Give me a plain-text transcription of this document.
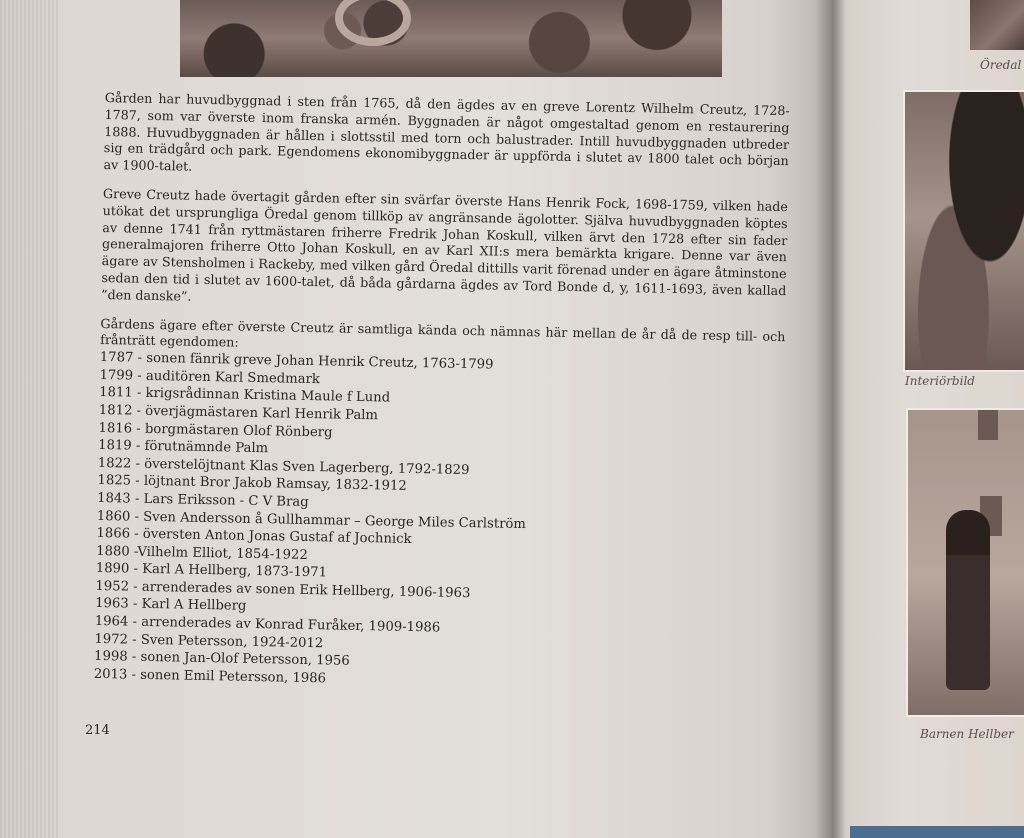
Gården har huvudbyggnad i sten från 1765, då den ägdes av en greve Lorentz Wilhelm Creutz, 1728-1787, som var överste inom franska armén. Byggnaden är något omgestaltad genom en restaurering 1888. Huvudbyggnaden är hållen i slottsstil med torn och balustrader. Intill huvudbyggnaden utbreder sig en trädgård och park. Egendomens ekonomibyggnader är uppförda i slutet av 1800 talet och början av 1900-talet.

Greve Creutz hade övertagit gården efter sin svärfar överste Hans Henrik Fock, 1698-1759, vilken hade utökat det ursprungliga Öredal genom tillköp av angränsande ägolotter. Själva huvudbyggnaden köptes av denne 1741 från ryttmästaren friherre Fredrik Johan Koskull, vilken ärvt den 1728 efter sin fader generalmajoren friherre Otto Johan Koskull, en av Karl XII:s mera bemärkta krigare. Denne var även ägare av Stensholmen i Rackeby, med vilken gård Öredal dittills varit förenad under en ägare åtminstone sedan den tid i slutet av 1600-talet, då båda gårdarna ägdes av Tord Bonde d, y, 1611-1693, även kallad ”den danske”.

Gårdens ägare efter överste Creutz är samtliga kända och nämnas här mellan de år då de resp till- och frånträtt egendomen:

1787 - sonen fänrik greve Johan Henrik Creutz, 1763-1799
1799 - auditören Karl Smedmark
1811 - krigsrådinnan Kristina Maule f Lund
1812 - överjägmästaren Karl Henrik Palm
1816 - borgmästaren Olof Rönberg
1819 - förutnämnde Palm
1822 - överstelöjtnant Klas Sven Lagerberg, 1792-1829
1825 - löjtnant Bror Jakob Ramsay, 1832-1912
1843 - Lars Eriksson - C V Brag
1860 - Sven Andersson å Gullhammar – George Miles Carlström
1866 - översten Anton Jonas Gustaf af Jochnick
1880 -Vilhelm Elliot, 1854-1922
1890 - Karl A Hellberg, 1873-1971
1952 - arrenderades av sonen Erik Hellberg, 1906-1963
1963 - Karl A Hellberg
1964 - arrenderades av Konrad Furåker, 1909-1986
1972 - Sven Petersson, 1924-2012
1998 - sonen Jan-Olof Petersson, 1956
2013 - sonen Emil Petersson, 1986
214
Öredal
Interiörbild
Barnen Hellber
